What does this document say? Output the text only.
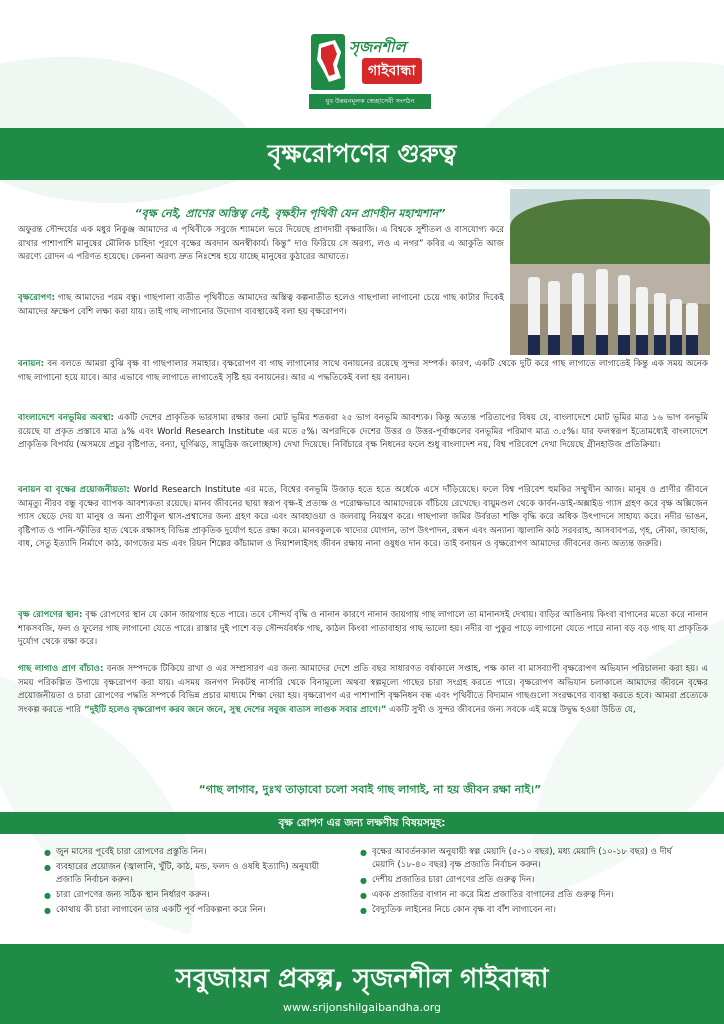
সৃজনশীল
গাইবান্ধা
যুব উন্নয়নমূলক স্বেচ্ছাসেবী সংগঠন
বৃক্ষরোপণের গুরুত্ব
“বৃক্ষ নেই, প্রাণের অস্তিত্ব নেই, বৃক্ষহীন পৃথিবী যেন প্রাণহীন মহাশ্মশান”
অফুরন্ত সৌন্দর্যের এক মধুর নিকুঞ্জ আমাদের এ পৃথিবীকে সবুজে শ্যামলে ভরে দিয়েছে প্রাণদায়ী বৃক্ষরাজি। এ বিশ্বকে সুশীতল ও বাসযোগ্য করে রাখার পাশাপাশি মানুষের মৌলিক চাহিদা পূরণে বৃক্ষের অবদান অনস্বীকার্য। কিন্তু” দাও ফিরিয়ে সে অরণ্য, লও এ নগর” কবির এ আকুতি আজ অরণ্যে রোদন এ পরিণত হয়েছে। কেননা অরণ্য দ্রুত নিঃশেষ হয়ে যাচ্ছে মানুষের কুঠারের আঘাতে।
বৃক্ষরোপণ: গাছ আমাদের পরম বন্ধু। গাছপালা ব্যতীত পৃথিবীতে আমাদের অস্তিত্ব কল্পনাতীত হলেও গাছপালা লাগানো চেয়ে গাছ কাটার দিকেই আমাদের ভ্রুক্ষেপ বেশি লক্ষ্য করা যায়। তাই গাছ লাগানোর উদ্যোগ ব্যবস্থাকেই বলা হয় বৃক্ষরোপণ।
বনায়ন: বন বলতে আমরা বুঝি বৃক্ষ বা গাছপালার সমাহার। বৃক্ষরোপণ বা গাছ লাগানোর সাথে বনায়নের রয়েছে সুন্দর সম্পর্ক। কারণ, একটি থেকে দুটি করে গাছ লাগাতে লাগাতেই কিন্তু এক সময় অনেক গাছ লাগানো হয়ে যাবে। আর এভাবে গাছ লাগাতে লাগাতেই সৃষ্টি হয় বনায়নের। আর এ পদ্ধতিকেই বলা হয় বনায়ন।
বাংলাদেশে বনভূমির অবস্থা: একটি দেশের প্রাকৃতিক ভারসাম্য রক্ষার জন্য মোট ভূমির শতকরা ২৫ ভাগ বনভূমি আবশ্যক। কিন্তু অত্যন্ত পরিতাপের বিষয় যে, বাংলাদেশে মোট ভূমির মাত্র ১৬ ভাগ বনভূমি রয়েছে যা প্রকৃত প্রস্তাবে মাত্র ৯% এবং World Research Institute এর মতে ৫%। অপরদিকে দেশের উত্তর ও উত্তর-পূর্বাঞ্চলের বনভূমির পরিমাণ মাত্র ৩.৫%। যার ফলস্বরূপ ইতোমধ্যেই বাংলাদেশে প্রাকৃতিক বিপর্যয় (অসময়ে প্রচুর বৃষ্টিপাত, বন্যা, ঘূর্ণিঝড়, সামুদ্রিক জলোচ্ছাস) দেখা দিয়েছে। নির্বিচারে বৃক্ষ নিধনের ফলে শুধু বাংলাদেশ নয়, বিশ্ব পরিবেশে দেখা দিয়েছে গ্রীনহাউজ প্রতিক্রিয়া।
বনায়ন বা বৃক্ষের প্রয়োজনীয়তা: World Research Institute এর মতে, বিশ্বের বনভূমি উজাড় হতে হতে অর্ধেকে এসে দাঁড়িয়েছে। ফলে বিশ্ব পরিবেশ হুমকির সম্মুখীন আজ। মানুষ ও প্রাণীর জীবনে আমৃত্যু নীরব বন্ধু বৃক্ষের ব্যাপক আবশ্যকতা রয়েছে। মানব জীবনের ছায়া স্বরূপ বৃক্ষ-ই প্রত্যক্ষ ও পরোক্ষভাবে আমাদেরকে বাঁচিয়ে রেখেছে। বায়ুমণ্ডল থেকে কার্বন-ডাই-অক্সাইড গ্যাস গ্রহণ করে বৃক্ষ অক্সিজেন গ্যাস ছেড়ে দেয় যা মানুষ ও অন্য প্রাণীকুল শ্বাস-প্রশ্বাসের জন্য গ্রহণ করে এবং আবহাওয়া ও জলবায়ু নিয়ন্ত্রণ করে। গাছপালা জমির উর্বরতা শক্তি বৃদ্ধি করে অধিক উৎপাদনে সাহায্য করে। নদীর ভাঙন, বৃষ্টিপাত ও পানি-স্ফীতির হাত থেকে রক্ষাসহ বিভিন্ন প্রাকৃতিক দুর্যোগ হতে রক্ষা করে। মানবকুলকে খাদ্যের যোগান, তাপ উৎপাদন, রন্ধন এবং অন্যান্য জ্বালানি কাঠ সরবরাহ, আসবাবপত্র, গৃহ, নৌকা, জাহাজ, বাধ, সেতু ইত্যাদি নির্মাণে কাঠ, কাগজের মন্ড এবং রিয়ন শিল্পের কাঁচামাল ও দিয়াশলাইসহ জীবন রক্ষায় নানা ওষুধও দান করে। তাই বনায়ন ও বৃক্ষরোপণ আমাদের জীবনের জন্য অত্যন্ত জরুরি।
বৃক্ষ রোপণের স্থান: বৃক্ষ রোপণের স্থান যে কোন জায়গায় হতে পারে। তবে সৌন্দর্য বৃদ্ধি ও নানান কারণে নানান জায়গায় গাছ লাগালে তা মানানসই দেখায়। বাড়ির আঙিনায় কিংবা বাগানের মতো করে নানান শাকসবজি, ফল ও ফুলের গাছ লাগানো যেতে পারে। রাস্তার দুই পাশে বড় সৌন্দর্যবর্ধক গাছ, কাঠল কিংবা পাতাবাহার গাছ ভালো হয়। নদীর বা পুকুর পাড়ে লাগানো যেতে পারে নানা বড় বড় গাছ যা প্রাকৃতিক দুর্যোগ থেকে রক্ষা করে।
গাছ লাগাও প্রাণ বাঁচাও: বনজ সম্পদকে টিকিয়ে রাখা ও এর সম্প্রসারণ এর জন্য আমাদের দেশে প্রতি বছর সাধারণত বর্ষাকালে সপ্তাহ, পক্ষ কাল বা মাসব্যাপী বৃক্ষরোপণ অভিযান পরিচালনা করা হয়। এ সময় পরিকল্পিত উপায়ে বৃক্ষরোপণ করা যায়। এসময় জনগণ নিকটস্থ নার্সারি থেকে বিনামূল্যে অথবা স্বল্পমূল্যে গাছের চারা সংগ্রহ করতে পারে। বৃক্ষরোপণ অভিযান চলাকালে আমাদের জীবনে বৃক্ষের প্রয়োজনীয়তা ও চারা রোপণের পদ্ধতি সম্পর্কে বিভিন্ন প্রচার মাধ্যমে শিক্ষা দেয়া হয়। বৃক্ষরোপণ এর পাশাপাশি বৃক্ষনিধন বন্ধ এবং পৃথিবীতে বিদ্যমান গাছগুলো সংরক্ষণের ব্যবস্থা করতে হবে। আমরা প্রত্যেকে সংকল্প করতে পারি “দুইটি হলেও বৃক্ষরোপণ করব জনে জনে, সুস্থ দেশের সবুজ বাতাস লাগুক সবার প্রাণে।” একটি সুখী ও সুন্দর জীবনের জন্য সবকে এই মন্ত্রে উদ্বুদ্ধ হওয়া উচিত যে,
“গাছ লাগাব, দুঃখ তাড়াবো চলো সবাই গাছ লাগাই, না হয় জীবন রক্ষা নাই।”
বৃক্ষ রোপণ এর জন্য লক্ষণীয় বিষয়সমূহ:
● জুন মাসের পূর্বেই চারা রোপণের প্রস্তুতি নিন।
● ব্যবহারের প্রয়োজন (জ্বালানি, খুঁটি, কাঠ, মন্ড, ফলদ ও ওষধি ইত্যাদি) অনুযায়ী প্রজাতি নির্বাচন করুন।
● চারা রোপণের জন্য সঠিক স্থান নির্ধারণ করুন।
● কোথায় কী চারা লাগাবেন তার একটি পূর্ব পরিকল্পনা করে নিন।
● বৃক্ষের আবর্তনকাল অনুযায়ী স্বল্প মেয়াদি (৫-১০ বছর), মধ্য মেয়াদি (১০-১৮ বছর) ও দীর্ঘ মেয়াদি (১৮-৪০ বছর) বৃক্ষ প্রজাতি নির্বাচন করুন।
● দেশীয় প্রজাতির চারা রোপণের প্রতি গুরুত্ব দিন।
● একক প্রজাতির বাগান না করে মিশ্র প্রজাতির বাগানের প্রতি গুরুত্ব দিন।
● বৈদ্যুতিক লাইনের নিচে কোন বৃক্ষ বা বাঁশ লাগাবেন না।
সবুজায়ন প্রকল্প, সৃজনশীল গাইবান্ধা
www.srijonshilgaibandha.org
